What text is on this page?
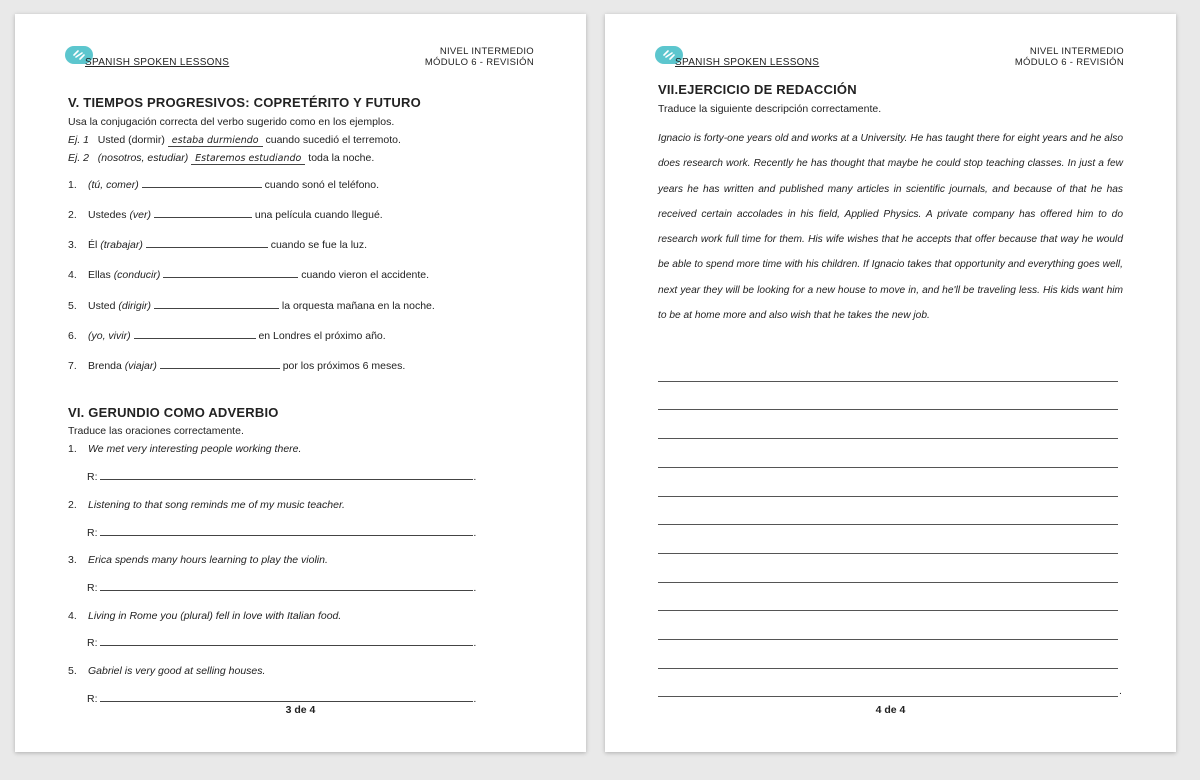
SPANISH SPOKEN LESSONS
NIVEL INTERMEDIO
MÓDULO 6 - REVISIÓN
V. TIEMPOS PROGRESIVOS: COPRETÉRITO Y FUTURO
Usa la conjugación correcta del verbo sugerido como en los ejemplos.
Ej. 1 Usted (dormir) estaba durmiendo cuando sucedió el terremoto.
Ej. 2 (nosotros, estudiar) Estaremos estudiando toda la noche.
1. (tú, comer)	cuando sonó el teléfono.
2. Ustedes (ver)	una película cuando llegué.
3. Él (trabajar)	cuando se fue la luz.
4. Ellas (conducir)	cuando vieron el accidente.
5. Usted (dirigir)	la orquesta mañana en la noche.
6. (yo, vivir)	en Londres el próximo año.
7. Brenda (viajar)	por los próximos 6 meses.
VI. GERUNDIO COMO ADVERBIO
Traduce las oraciones correctamente.
1. We met very interesting people working there.
R:	.
2. Listening to that song reminds me of my music teacher.
R:	.
3. Erica spends many hours learning to play the violin.
R:	.
4. Living in Rome you (plural) fell in love with Italian food.
R:	.
5. Gabriel is very good at selling houses.
R:	.
3 de 4
SPANISH SPOKEN LESSONS
NIVEL INTERMEDIO
MÓDULO 6 - REVISIÓN
VII.EJERCICIO DE REDACCIÓN
Traduce la siguiente descripción correctamente.
Ignacio is forty-one years old and works at a University. He has taught there for eight years and he also does research work. Recently he has thought that maybe he could stop teaching classes. In just a few years he has written and published many articles in scientific journals, and because of that he has received certain accolades in his field, Applied Physics. A private company has offered him to do research work full time for them. His wife wishes that he accepts that offer because that way he would be able to spend more time with his children. If Ignacio takes that opportunity and everything goes well, next year they will be looking for a new house to move in, and he'll be traveling less. His kids want him to be at home more and also wish that he takes the new job.
.
4 de 4
